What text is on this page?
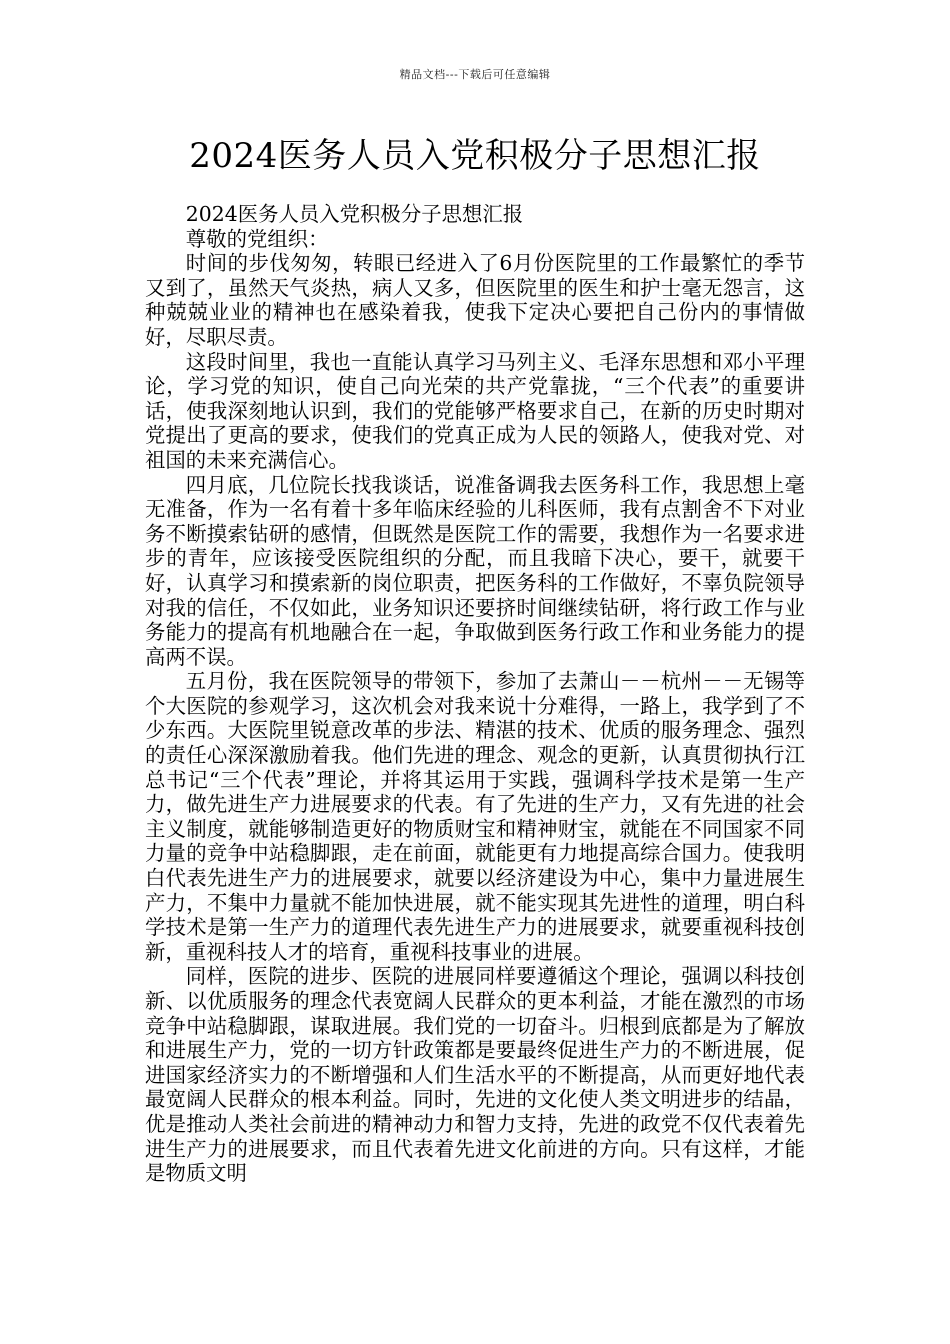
精品文档---下载后可任意编辑
2024医务人员入党积极分子思想汇报

2024医务人员入党积极分子思想汇报

尊敬的党组织：

时间的步伐匆匆，转眼已经进入了6月份医院里的工作最繁忙的季节又到了，虽然天气炎热，病人又多，但医院里的医生和护士毫无怨言，这种兢兢业业的精神也在感染着我，使我下定决心要把自己份内的事情做好，尽职尽责。

这段时间里，我也一直能认真学习马列主义、毛泽东思想和邓小平理论，学习党的知识，使自己向光荣的共产党靠拢，“三个代表”的重要讲话，使我深刻地认识到，我们的党能够严格要求自己，在新的历史时期对党提出了更高的要求，使我们的党真正成为人民的领路人，使我对党、对祖国的未来充满信心。

四月底，几位院长找我谈话，说准备调我去医务科工作，我思想上毫无准备，作为一名有着十多年临床经验的儿科医师，我有点割舍不下对业务不断摸索钻研的感情，但既然是医院工作的需要，我想作为一名要求进步的青年，应该接受医院组织的分配，而且我暗下决心，要干，就要干好，认真学习和摸索新的岗位职责，把医务科的工作做好，不辜负院领导对我的信任，不仅如此，业务知识还要挤时间继续钻研，将行政工作与业务能力的提高有机地融合在一起，争取做到医务行政工作和业务能力的提高两不误。

五月份，我在医院领导的带领下，参加了去萧山－－杭州－－无锡等个大医院的参观学习，这次机会对我来说十分难得，一路上，我学到了不少东西。大医院里锐意改革的步法、精湛的技术、优质的服务理念、强烈的责任心深深激励着我。他们先进的理念、观念的更新，认真贯彻执行江总书记“三个代表”理论，并将其运用于实践，强调科学技术是第一生产力，做先进生产力进展要求的代表。有了先进的生产力，又有先进的社会主义制度，就能够制造更好的物质财宝和精神财宝，就能在不同国家不同力量的竞争中站稳脚跟，走在前面，就能更有力地提高综合国力。使我明白代表先进生产力的进展要求，就要以经济建设为中心，集中力量进展生产力，不集中力量就不能加快进展，就不能实现其先进性的道理，明白科学技术是第一生产力的道理代表先进生产力的进展要求，就要重视科技创新，重视科技人才的培育，重视科技事业的进展。

同样，医院的进步、医院的进展同样要遵循这个理论，强调以科技创新、以优质服务的理念代表宽阔人民群众的更本利益，才能在激烈的市场竞争中站稳脚跟，谋取进展。我们党的一切奋斗。归根到底都是为了解放和进展生产力，党的一切方针政策都是要最终促进生产力的不断进展，促进国家经济实力的不断增强和人们生活水平的不断提高，从而更好地代表最宽阔人民群众的根本利益。同时，先进的文化使人类文明进步的结晶，优是推动人类社会前进的精神动力和智力支持，先进的政党不仅代表着先进生产力的进展要求，而且代表着先进文化前进的方向。只有这样，才能是物质文明
